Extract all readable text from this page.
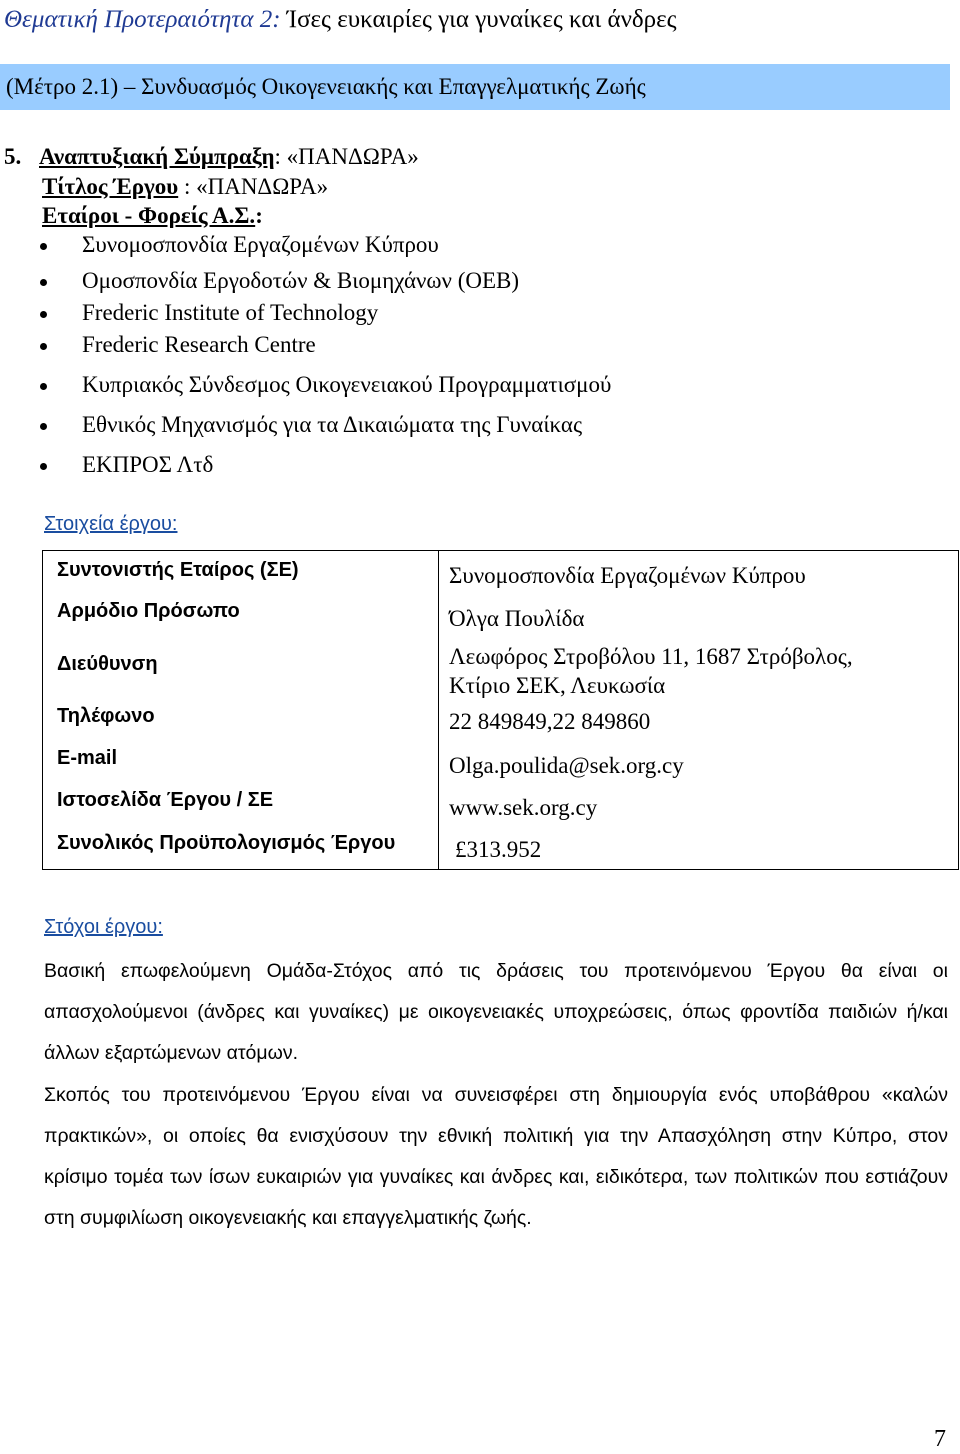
Θεματική Προτεραιότητα 2: Ίσες ευκαιρίες για γυναίκες και άνδρες
(Μέτρο 2.1) – Συνδυασμός Οικογενειακής και Επαγγελματικής Ζωής
5. Αναπτυξιακή Σύμπραξη: «ΠΑΝΔΩΡΑ»
Τίτλος Έργου : «ΠΑΝΔΩΡΑ»
Εταίροι - Φορείς Α.Σ.:
Συνομοσπονδία Εργαζομένων Κύπρου
Ομοσπονδία Εργοδοτών & Βιομηχάνων (ΟΕΒ)
Frederic Institute of Technology
Frederic Research Centre
Κυπριακός Σύνδεσμος Οικογενειακού Προγραμματισμού
Εθνικός Μηχανισμός για τα Δικαιώματα της Γυναίκας
ΕΚΠΡΟΣ Λτδ
Στοιχεία έργου:
Συντονιστής Εταίρος (ΣΕ)	Συνομοσπονδία Εργαζομένων Κύπρου
Αρμόδιο Πρόσωπο	Όλγα Πουλίδα
Διεύθυνση	Λεωφόρος Στροβόλου 11, 1687 Στρόβολος,
Κτίριο ΣΕΚ, Λευκωσία
Τηλέφωνο	22 849849,22 849860
E-mail	Olga.poulida@sek.org.cy
Ιστοσελίδα Έργου / ΣΕ	www.sek.org.cy
Συνολικός Προϋπολογισμός Έργου	£313.952
Στόχοι έργου:
Βασική επωφελούμενη Ομάδα-Στόχος από τις δράσεις του προτεινόμενου Έργου θα είναι οι απασχολούμενοι (άνδρες και γυναίκες) με οικογενειακές υποχρεώσεις, όπως φροντίδα παιδιών ή/και άλλων εξαρτώμενων ατόμων.
Σκοπός του προτεινόμενου Έργου είναι να συνεισφέρει στη δημιουργία ενός υποβάθρου «καλών πρακτικών», οι οποίες θα ενισχύσουν την εθνική πολιτική για την Απασχόληση στην Κύπρο, στον κρίσιμο τομέα των ίσων ευκαιριών για γυναίκες και άνδρες και, ειδικότερα, των πολιτικών που εστιάζουν στη συμφιλίωση οικογενειακής και επαγγελματικής ζωής.
7
